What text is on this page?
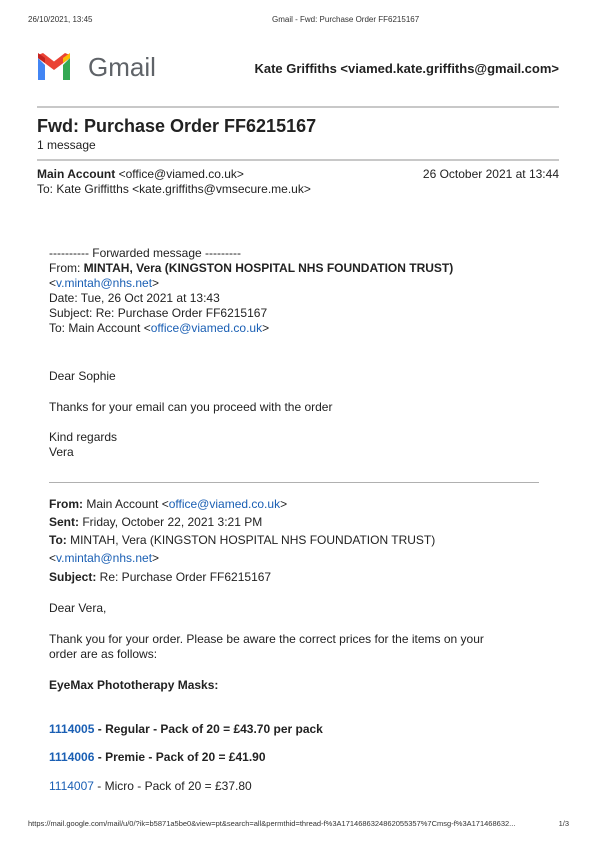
26/10/2021, 13:45	Gmail - Fwd: Purchase Order FF6215167
Gmail	Kate Griffiths <viamed.kate.griffiths@gmail.com>
Fwd: Purchase Order FF6215167
1 message
Main Account <office@viamed.co.uk>	26 October 2021 at 13:44
To: Kate Griffitths <kate.griffiths@vmsecure.me.uk>
---------- Forwarded message ---------
From: MINTAH, Vera (KINGSTON HOSPITAL NHS FOUNDATION TRUST)
<v.mintah@nhs.net>
Date: Tue, 26 Oct 2021 at 13:43
Subject: Re: Purchase Order FF6215167
To: Main Account <office@viamed.co.uk>
Dear Sophie
Thanks for your email can you proceed with the order
Kind regards
Vera
From: Main Account <office@viamed.co.uk>
Sent: Friday, October 22, 2021 3:21 PM
To: MINTAH, Vera (KINGSTON HOSPITAL NHS FOUNDATION TRUST)
<v.mintah@nhs.net>
Subject: Re: Purchase Order FF6215167
Dear Vera,
Thank you for your order. Please be aware the correct prices for the items on your
order are as follows:
EyeMax Phototherapy Masks:
1114005 - Regular - Pack of 20 = £43.70 per pack
1114006 - Premie - Pack of 20 = £41.90
1114007 - Micro - Pack of 20 = £37.80
https://mail.google.com/mail/u/0/?ik=b5871a5be0&view=pt&search=all&permthid=thread-f%3A1714686324862055357%7Cmsg-f%3A171468632...	1/3
